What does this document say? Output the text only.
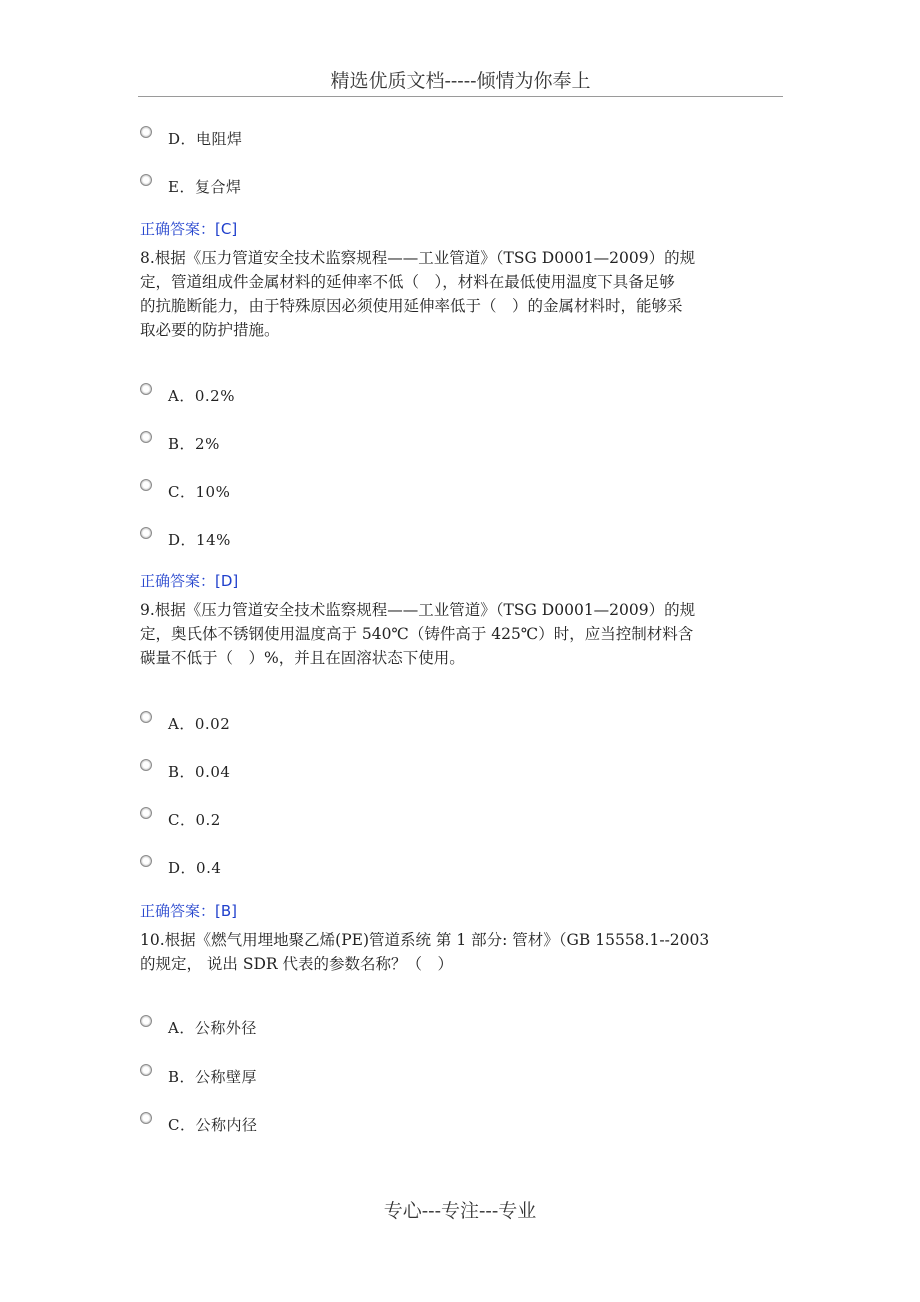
精选优质文档-----倾情为你奉上
D．电阻焊
E．复合焊
正确答案：[C]
8.根据《压力管道安全技术监察规程——工业管道》（TSG D0001—2009）的规
定，管道组成件金属材料的延伸率不低（　），材料在最低使用温度下具备足够
的抗脆断能力，由于特殊原因必须使用延伸率低于（　）的金属材料时，能够采
取必要的防护措施。
A．0.2%
B．2%
C．10%
D．14%
正确答案：[D]
9.根据《压力管道安全技术监察规程——工业管道》（TSG D0001—2009）的规
定，奥氏体不锈钢使用温度高于 540℃（铸件高于 425℃）时，应当控制材料含
碳量不低于（　）%，并且在固溶状态下使用。
A．0.02
B．0.04
C．0.2
D．0.4
正确答案：[B]
10.根据《燃气用埋地聚乙烯(PE)管道系统 第 1 部分: 管材》（GB 15558.1--2003
的规定， 说出 SDR 代表的参数名称？（　）
A．公称外径
B．公称壁厚
C．公称内径
专心---专注---专业
